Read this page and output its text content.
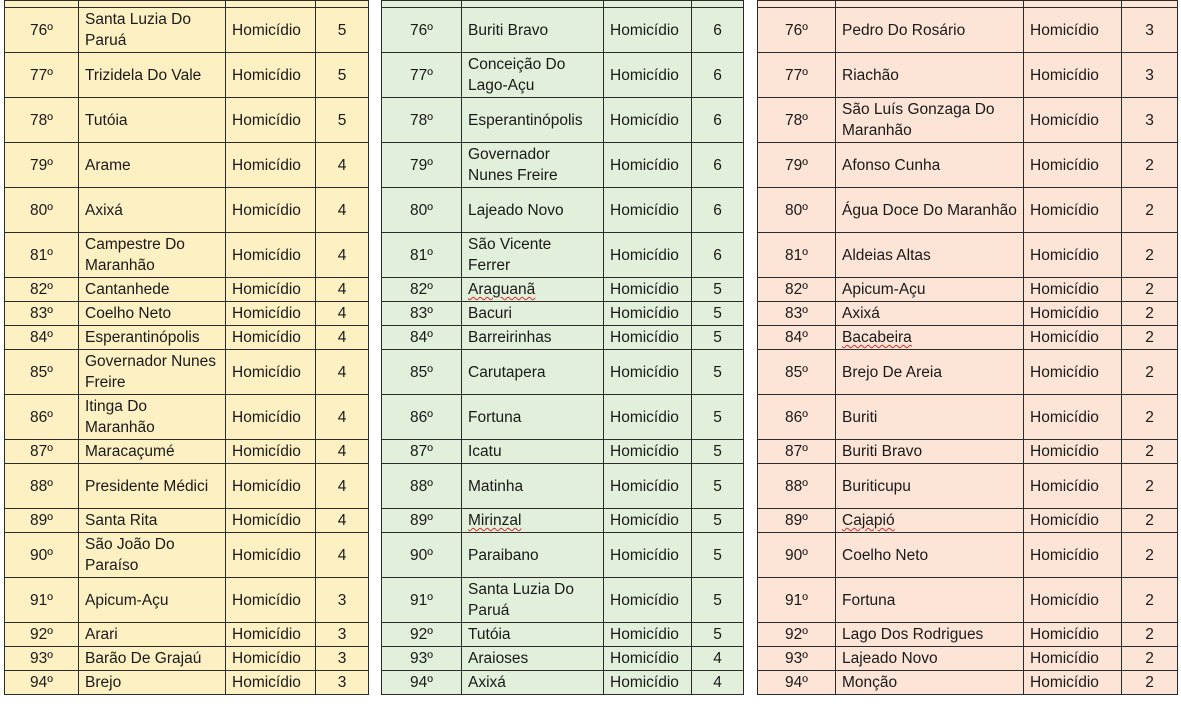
76º	Santa Luzia Do Paruá	Homicídio	5
77º	Trizidela Do Vale	Homicídio	5
78º	Tutóia	Homicídio	5
79º	Arame	Homicídio	4
80º	Axixá	Homicídio	4
81º	Campestre Do Maranhão	Homicídio	4
82º	Cantanhede	Homicídio	4
83º	Coelho Neto	Homicídio	4
84º	Esperantinópolis	Homicídio	4
85º	Governador Nunes Freire	Homicídio	4
86º	Itinga Do Maranhão	Homicídio	4
87º	Maracaçumé	Homicídio	4
88º	Presidente Médici	Homicídio	4
89º	Santa Rita	Homicídio	4
90º	São João Do Paraíso	Homicídio	4
91º	Apicum-Açu	Homicídio	3
92º	Arari	Homicídio	3
93º	Barão De Grajaú	Homicídio	3
94º	Brejo	Homicídio	3

76º	Buriti Bravo	Homicídio	6
77º	Conceição Do Lago-Açu	Homicídio	6
78º	Esperantinópolis	Homicídio	6
79º	Governador Nunes Freire	Homicídio	6
80º	Lajeado Novo	Homicídio	6
81º	São Vicente Ferrer	Homicídio	6
82º	Araguanã	Homicídio	5
83º	Bacuri	Homicídio	5
84º	Barreirinhas	Homicídio	5
85º	Carutapera	Homicídio	5
86º	Fortuna	Homicídio	5
87º	Icatu	Homicídio	5
88º	Matinha	Homicídio	5
89º	Mirinzal	Homicídio	5
90º	Paraibano	Homicídio	5
91º	Santa Luzia Do Paruá	Homicídio	5
92º	Tutóia	Homicídio	5
93º	Araioses	Homicídio	4
94º	Axixá	Homicídio	4

76º	Pedro Do Rosário	Homicídio	3
77º	Riachão	Homicídio	3
78º	São Luís Gonzaga Do Maranhão	Homicídio	3
79º	Afonso Cunha	Homicídio	2
80º	Água Doce Do Maranhão	Homicídio	2
81º	Aldeias Altas	Homicídio	2
82º	Apicum-Açu	Homicídio	2
83º	Axixá	Homicídio	2
84º	Bacabeira	Homicídio	2
85º	Brejo De Areia	Homicídio	2
86º	Buriti	Homicídio	2
87º	Buriti Bravo	Homicídio	2
88º	Buriticupu	Homicídio	2
89º	Cajapió	Homicídio	2
90º	Coelho Neto	Homicídio	2
91º	Fortuna	Homicídio	2
92º	Lago Dos Rodrigues	Homicídio	2
93º	Lajeado Novo	Homicídio	2
94º	Monção	Homicídio	2
